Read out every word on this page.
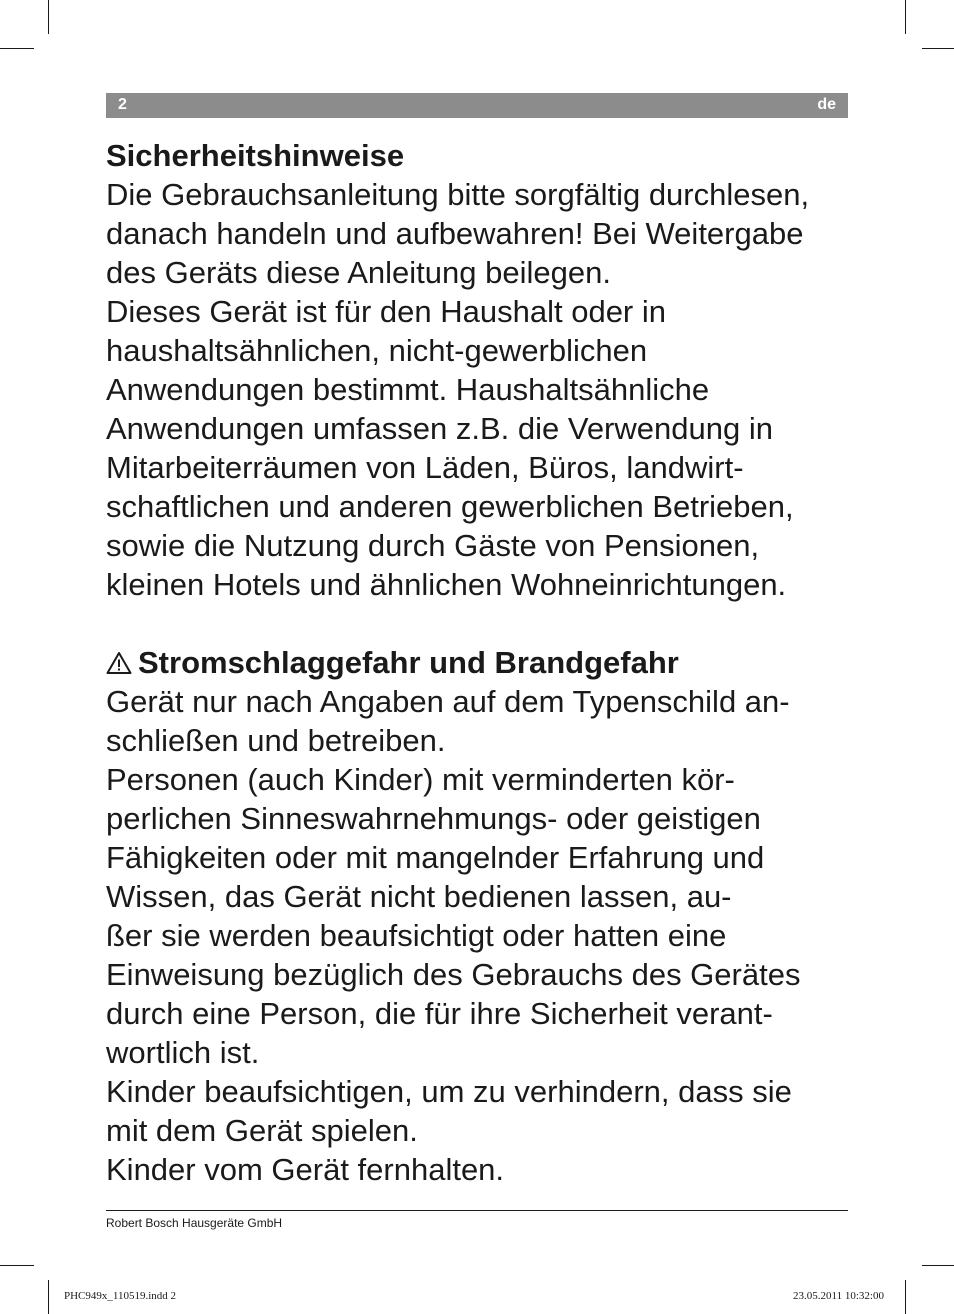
2	de
Sicherheitshinweise
Die Gebrauchsanleitung bitte sorgfältig durchlesen,
danach handeln und aufbewahren! Bei Weitergabe
des Geräts diese Anleitung beilegen.
Dieses Gerät ist für den Haushalt oder in
haushaltsähnlichen, nicht-gewerblichen
Anwendungen bestimmt. Haushaltsähnliche
Anwendungen umfassen z.B. die Verwendung in
Mitarbeiterräumen von Läden, Büros, landwirt-
schaftlichen und anderen gewerblichen Betrieben,
sowie die Nutzung durch Gäste von Pensionen,
kleinen Hotels und ähnlichen Wohneinrichtungen.
Stromschlaggefahr und Brandgefahr
Gerät nur nach Angaben auf dem Typenschild an-
schließen und betreiben.
Personen (auch Kinder) mit verminderten kör-
perlichen Sinneswahrnehmungs- oder geistigen
Fähigkeiten oder mit mangelnder Erfahrung und
Wissen, das Gerät nicht bedienen lassen, au-
ßer sie werden beaufsichtigt oder hatten eine
Einweisung bezüglich des Gebrauchs des Gerätes
durch eine Person, die für ihre Sicherheit verant-
wortlich ist.
Kinder beaufsichtigen, um zu verhindern, dass sie
mit dem Gerät spielen.
Kinder vom Gerät fernhalten.
Robert Bosch Hausgeräte GmbH
PHC949x_110519.indd 2	23.05.2011 10:32:00
